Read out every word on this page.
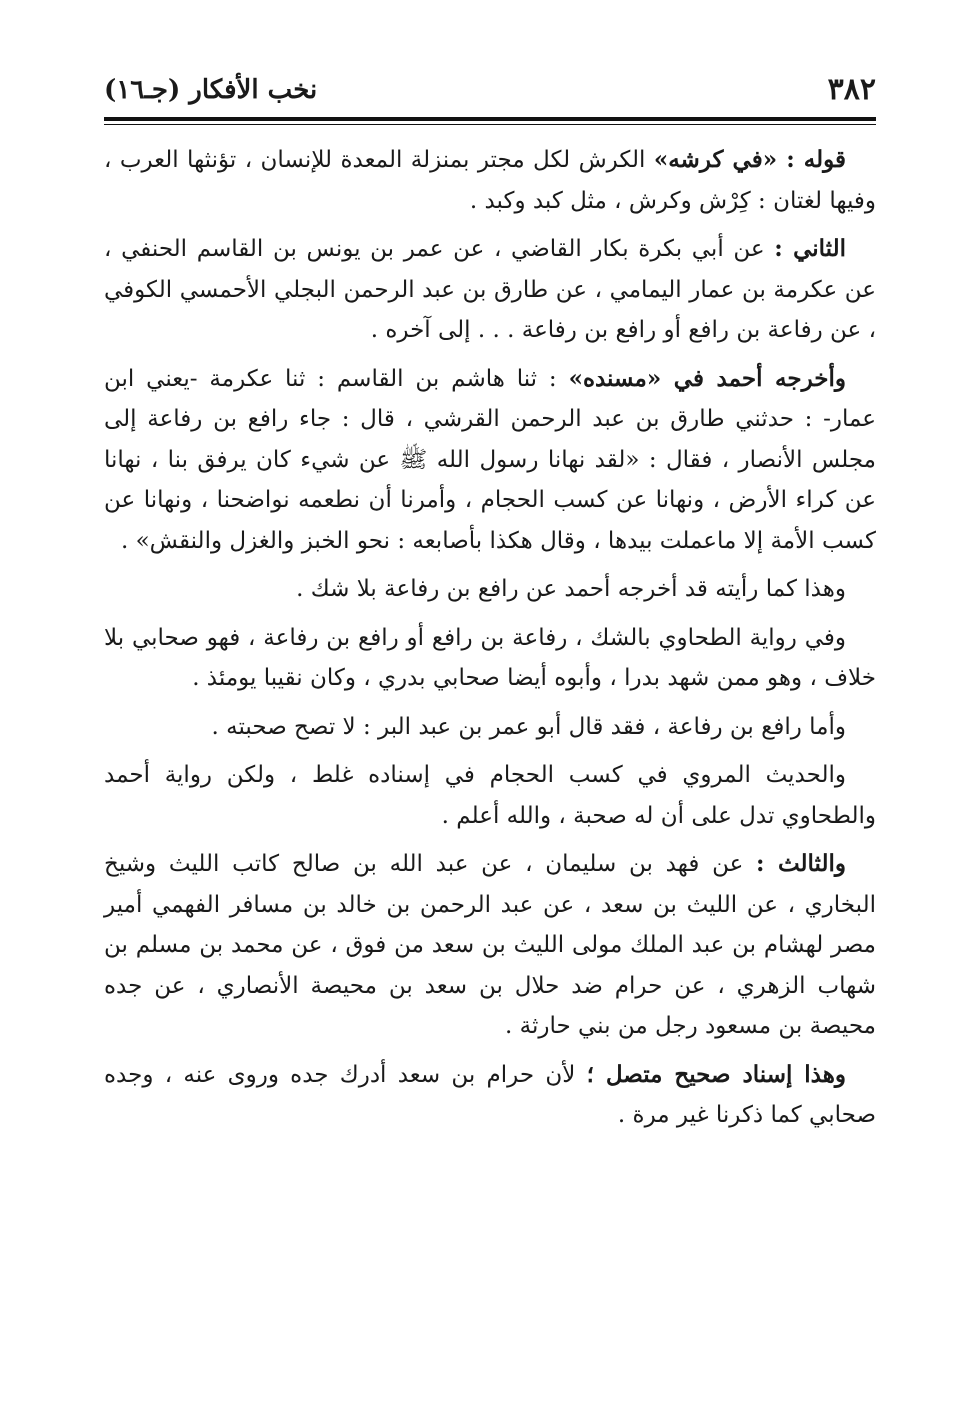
٣٨٢
نخب الأفكار (جـ١٦)

قوله : «في كرشه» الكرش لكل مجتر بمنزلة المعدة للإنسان ، تؤنثها العرب ، وفيها لغتان : كِرْش وكرش ، مثل كبد وكبد .

الثاني : عن أبي بكرة بكار القاضي ، عن عمر بن يونس بن القاسم الحنفي ، عن عكرمة بن عمار اليمامي ، عن طارق بن عبد الرحمن البجلي الأحمسي الكوفي ، عن رفاعة بن رافع أو رافع بن رفاعة . . . إلى آخره .

وأخرجه أحمد في «مسنده» : ثنا هاشم بن القاسم : ثنا عكرمة -يعني ابن عمار- : حدثني طارق بن عبد الرحمن القرشي ، قال : جاء رافع بن رفاعة إلى مجلس الأنصار ، فقال : «لقد نهانا رسول الله ﷺ عن شيء كان يرفق بنا ، نهانا عن كراء الأرض ، ونهانا عن كسب الحجام ، وأمرنا أن نطعمه نواضحنا ، ونهانا عن كسب الأمة إلا ماعملت بيدها ، وقال هكذا بأصابعه : نحو الخبز والغزل والنقش» .

وهذا كما رأيته قد أخرجه أحمد عن رافع بن رفاعة بلا شك .

وفي رواية الطحاوي بالشك ، رفاعة بن رافع أو رافع بن رفاعة ، فهو صحابي بلا خلاف ، وهو ممن شهد بدرا ، وأبوه أيضا صحابي بدري ، وكان نقيبا يومئذ .

وأما رافع بن رفاعة ، فقد قال أبو عمر بن عبد البر : لا تصح صحبته .

والحديث المروي في كسب الحجام في إسناده غلط ، ولكن رواية أحمد والطحاوي تدل على أن له صحبة ، والله أعلم .

والثالث : عن فهد بن سليمان ، عن عبد الله بن صالح كاتب الليث وشيخ البخاري ، عن الليث بن سعد ، عن عبد الرحمن بن خالد بن مسافر الفهمي أمير مصر لهشام بن عبد الملك مولى الليث بن سعد من فوق ، عن محمد بن مسلم بن شهاب الزهري ، عن حرام ضد حلال بن سعد بن محيصة الأنصاري ، عن جده محيصة بن مسعود رجل من بني حارثة .

وهذا إسناد صحيح متصل ؛ لأن حرام بن سعد أدرك جده وروى عنه ، وجده صحابي كما ذكرنا غير مرة .
